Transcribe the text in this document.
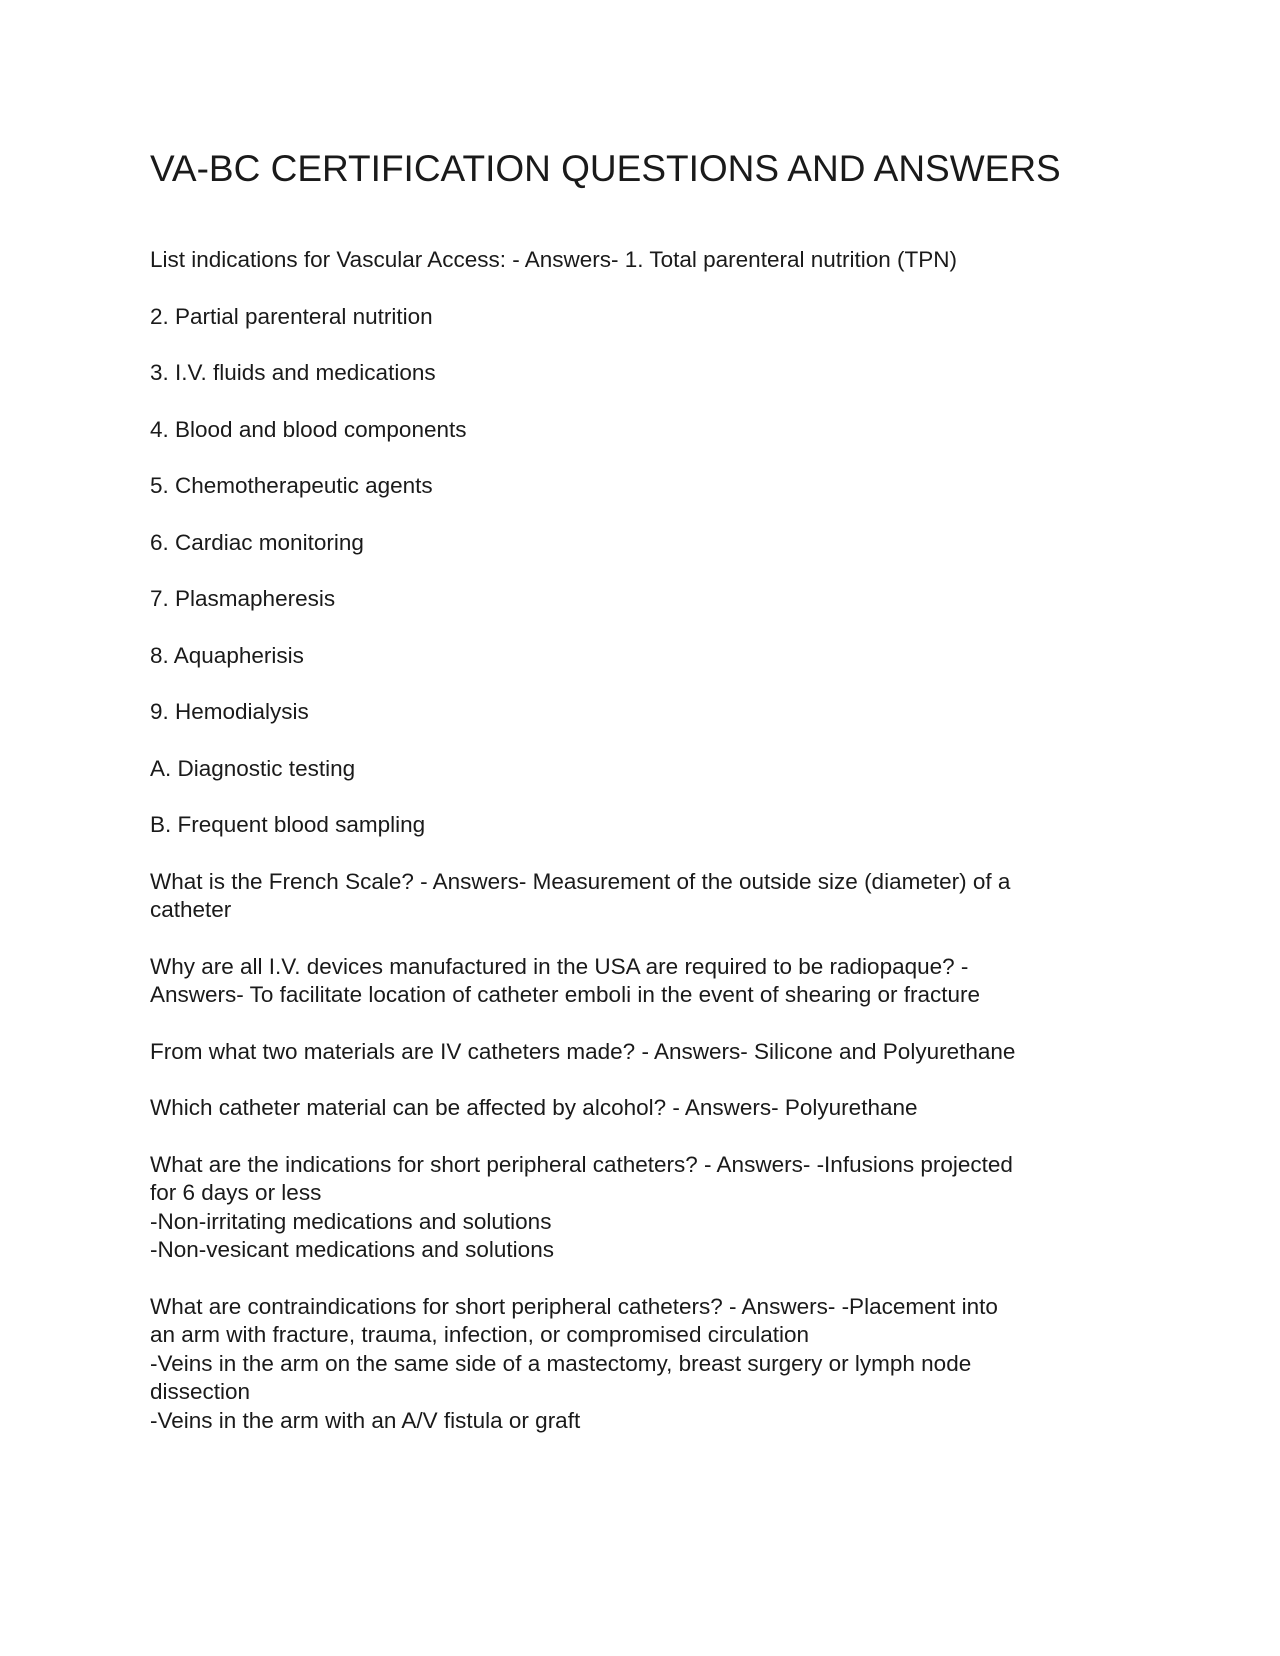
VA-BC CERTIFICATION QUESTIONS AND ANSWERS

List indications for Vascular Access: - Answers- 1. Total parenteral nutrition (TPN)

2. Partial parenteral nutrition

3. I.V. fluids and medications

4. Blood and blood components

5. Chemotherapeutic agents

6. Cardiac monitoring

7. Plasmapheresis

8. Aquapherisis

9. Hemodialysis

A. Diagnostic testing

B. Frequent blood sampling

What is the French Scale? - Answers- Measurement of the outside size (diameter) of a
catheter

Why are all I.V. devices manufactured in the USA are required to be radiopaque? -
Answers- To facilitate location of catheter emboli in the event of shearing or fracture

From what two materials are IV catheters made? - Answers- Silicone and Polyurethane

Which catheter material can be affected by alcohol? - Answers- Polyurethane

What are the indications for short peripheral catheters? - Answers- -Infusions projected
for 6 days or less
-Non-irritating medications and solutions
-Non-vesicant medications and solutions

What are contraindications for short peripheral catheters? - Answers- -Placement into
an arm with fracture, trauma, infection, or compromised circulation
-Veins in the arm on the same side of a mastectomy, breast surgery or lymph node
dissection
-Veins in the arm with an A/V fistula or graft
